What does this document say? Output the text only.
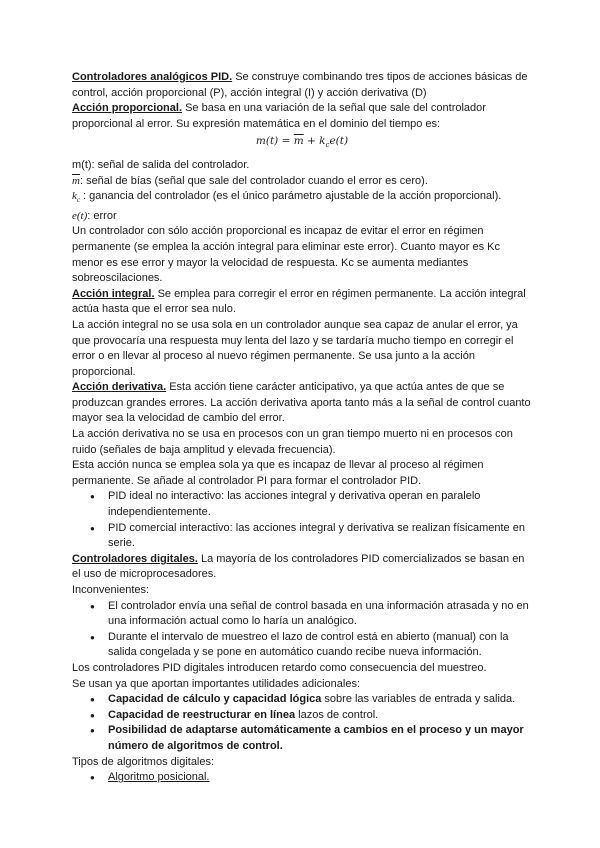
Controladores analógicos PID. Se construye combinando tres tipos de acciones básicas de control, acción proporcional (P), acción integral (I) y acción derivativa (D)

Acción proporcional. Se basa en una variación de la señal que sale del controlador proporcional al error. Su expresión matemática en el dominio del tiempo es:

$m(t) = \overline{m} + k_ce(t)$

m(t): señal de salida del controlador.

$\overline{m}$: señal de bías (señal que sale del controlador cuando el error es cero).

$k_c$ : ganancia del controlador (es el único parámetro ajustable de la acción proporcional).

e(t): error

Un controlador con sólo acción proporcional es incapaz de evitar el error en régimen permanente (se emplea la acción integral para eliminar este error). Cuanto mayor es Kc menor es ese error y mayor la velocidad de respuesta. Kc se aumenta mediantes sobreoscilaciones.

Acción integral. Se emplea para corregir el error en régimen permanente. La acción integral actúa hasta que el error sea nulo.

La acción integral no se usa sola en un controlador aunque sea capaz de anular el error, ya que provocaría una respuesta muy lenta del lazo y se tardaría mucho tiempo en corregir el error o en llevar al proceso al nuevo régimen permanente. Se usa junto a la acción proporcional.

Acción derivativa. Esta acción tiene carácter anticipativo, ya que actúa antes de que se produzcan grandes errores. La acción derivativa aporta tanto más a la señal de control cuanto mayor sea la velocidad de cambio del error.

La acción derivativa no se usa en procesos con un gran tiempo muerto ni en procesos con ruido (señales de baja amplitud y elevada frecuencia).

Esta acción nunca se emplea sola ya que es incapaz de llevar al proceso al régimen permanente. Se añade al controlador PI para formar el controlador PID.

● PID ideal no interactivo: las acciones integral y derivativa operan en paralelo independientemente.
● PID comercial interactivo: las acciones integral y derivativa se realizan físicamente en serie.

Controladores digitales. La mayoría de los controladores PID comercializados se basan en el uso de microprocesadores.

Inconvenientes:

● El controlador envía una señal de control basada en una información atrasada y no en una información actual como lo haría un analógico.
● Durante el intervalo de muestreo el lazo de control está en abierto (manual) con la salida congelada y se pone en automático cuando recibe nueva información.

Los controladores PID digitales introducen retardo como consecuencia del muestreo.

Se usan ya que aportan importantes utilidades adicionales:

● Capacidad de cálculo y capacidad lógica sobre las variables de entrada y salida.
● Capacidad de reestructurar en línea lazos de control.
● Posibilidad de adaptarse automáticamente a cambios en el proceso y un mayor número de algoritmos de control.

Tipos de algoritmos digitales:

● Algoritmo posicional.
